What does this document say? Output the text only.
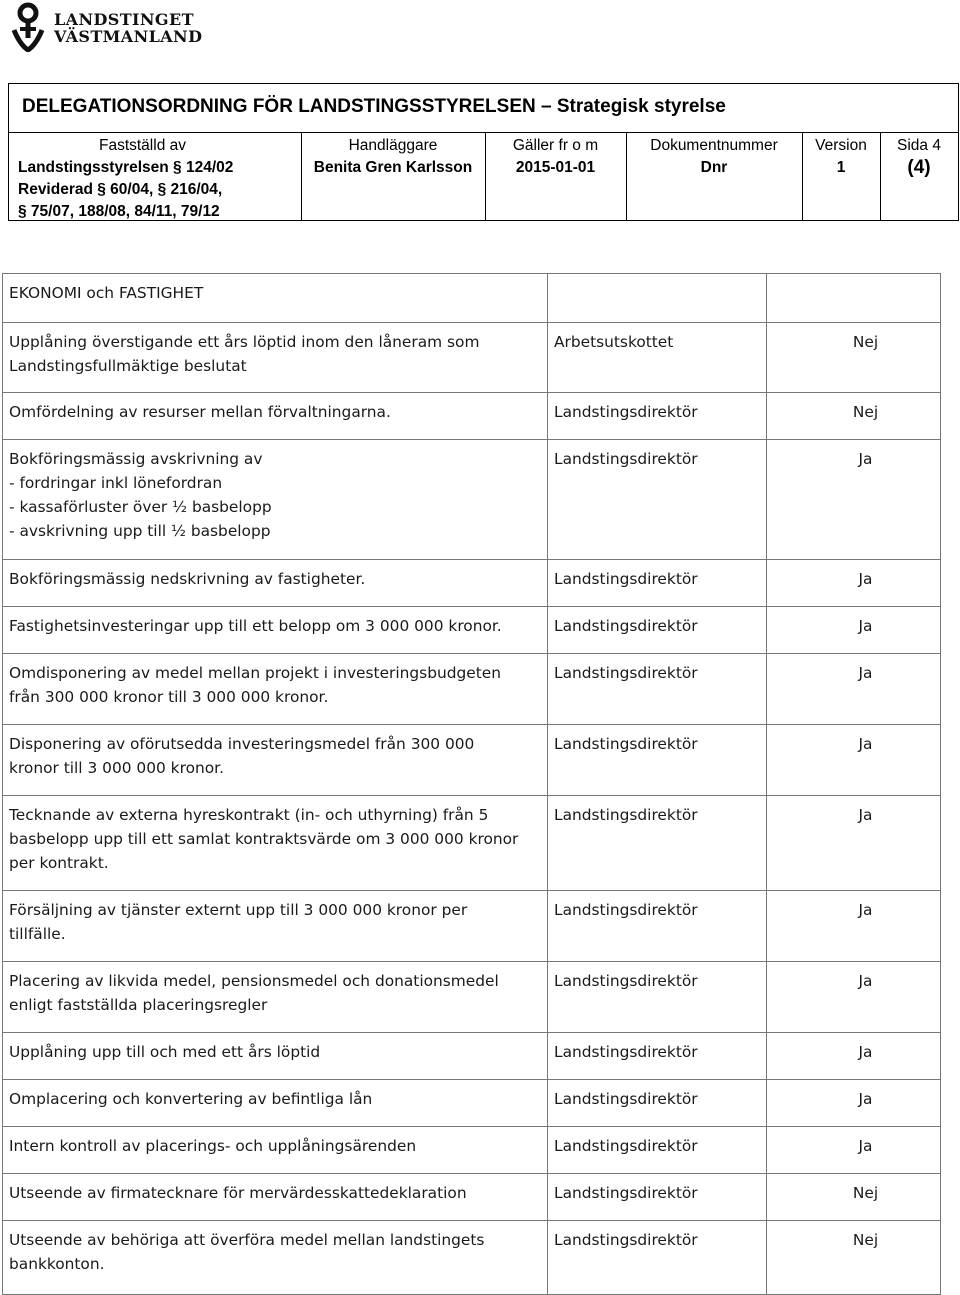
LANDSTINGET
VÄSTMANLAND
DELEGATIONSORDNING FÖR LANDSTINGSSTYRELSEN – Strategisk styrelse
Fastställd av
Landstingsstyrelsen § 124/02
Reviderad § 60/04, § 216/04,
§ 75/07, 188/08, 84/11, 79/12
Handläggare
Benita Gren Karlsson
Gäller fr o m
2015-01-01
Dokumentnummer
Dnr
Version
1
Sida 4
(4)
EKONOMI och FASTIGHET
Upplåning överstigande ett års löptid inom den låneram som
Landstingsfullmäktige beslutat
Arbetsutskottet	Nej
Omfördelning av resurser mellan förvaltningarna.	Landstingsdirektör	Nej
Bokföringsmässig avskrivning av
- fordringar inkl lönefordran
- kassaförluster över ½ basbelopp
- avskrivning upp till ½ basbelopp
Landstingsdirektör	Ja
Bokföringsmässig nedskrivning av fastigheter.	Landstingsdirektör	Ja
Fastighetsinvesteringar upp till ett belopp om 3 000 000 kronor.	Landstingsdirektör	Ja
Omdisponering av medel mellan projekt i investeringsbudgeten
från 300 000 kronor till 3 000 000 kronor.
Landstingsdirektör	Ja
Disponering av oförutsedda investeringsmedel från 300 000
kronor till 3 000 000 kronor.
Landstingsdirektör	Ja
Tecknande av externa hyreskontrakt (in- och uthyrning) från 5
basbelopp upp till ett samlat kontraktsvärde om 3 000 000 kronor
per kontrakt.
Landstingsdirektör	Ja
Försäljning av tjänster externt upp till 3 000 000 kronor per
tillfälle.
Landstingsdirektör	Ja
Placering av likvida medel, pensionsmedel och donationsmedel
enligt fastställda placeringsregler
Landstingsdirektör	Ja
Upplåning upp till och med ett års löptid	Landstingsdirektör	Ja
Omplacering och konvertering av befintliga lån	Landstingsdirektör	Ja
Intern kontroll av placerings- och upplåningsärenden	Landstingsdirektör	Ja
Utseende av firmatecknare för mervärdesskattedeklaration	Landstingsdirektör	Nej
Utseende av behöriga att överföra medel mellan landstingets
bankkonton.
Landstingsdirektör	Nej
